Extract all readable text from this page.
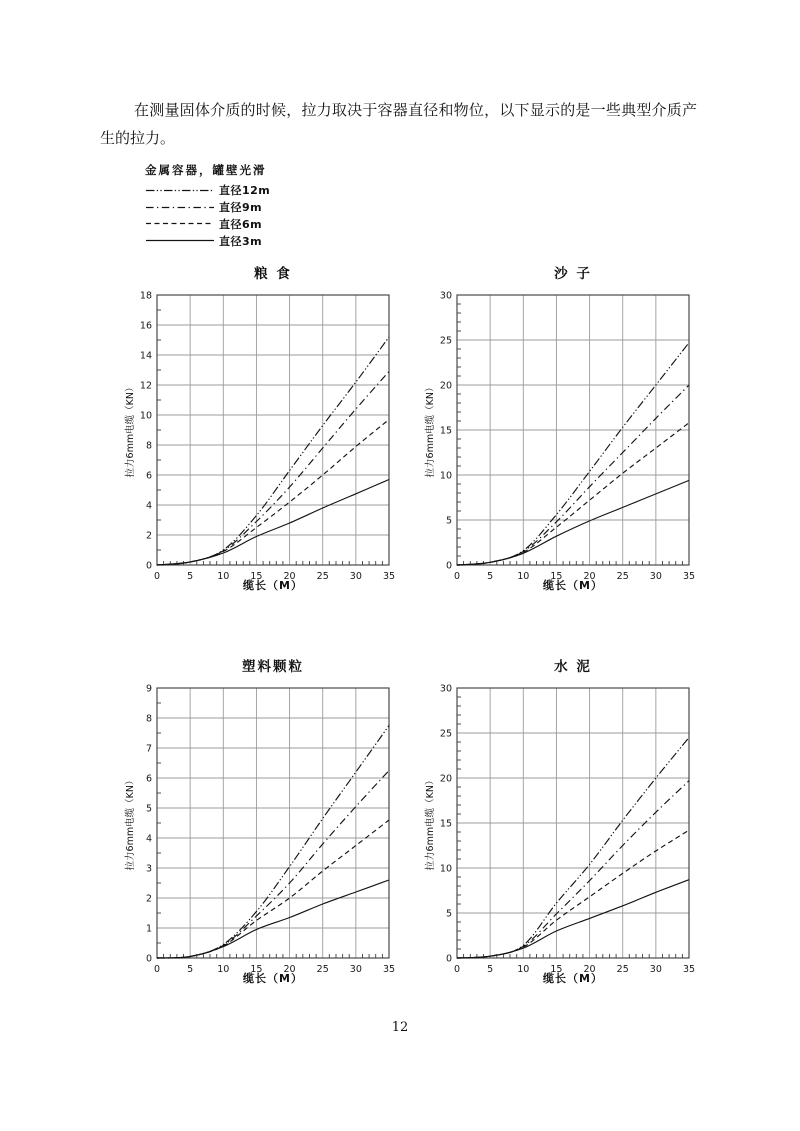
在测量固体介质的时候，拉力取决于容器直径和物位，以下显示的是一些典型介质产生的拉力。
金属容器，罐壁光滑
直径12m
直径9m
直径6m
直径3m
粮 食
0	5	10 15 20 25 30 35
0
2
4
6
8
10
12
14
16
18
拉力6mm电缆（KN）
缆长（M）
沙 子
0	5	10 15 20 25 30 35
0
5
10
15
20
25
30
拉力6mm电缆（KN）
缆长（M）
塑料颗粒
0	5	10 15 20 25 30 35
0
1
2
3
4
5
6
7
8
9
拉力6mm电缆（KN）
缆长（M）
水 泥
0	5	10 15 20 25 30 35
0
5
10
15
20
25
30
拉力6mm电缆（KN）
缆长（M）
12
